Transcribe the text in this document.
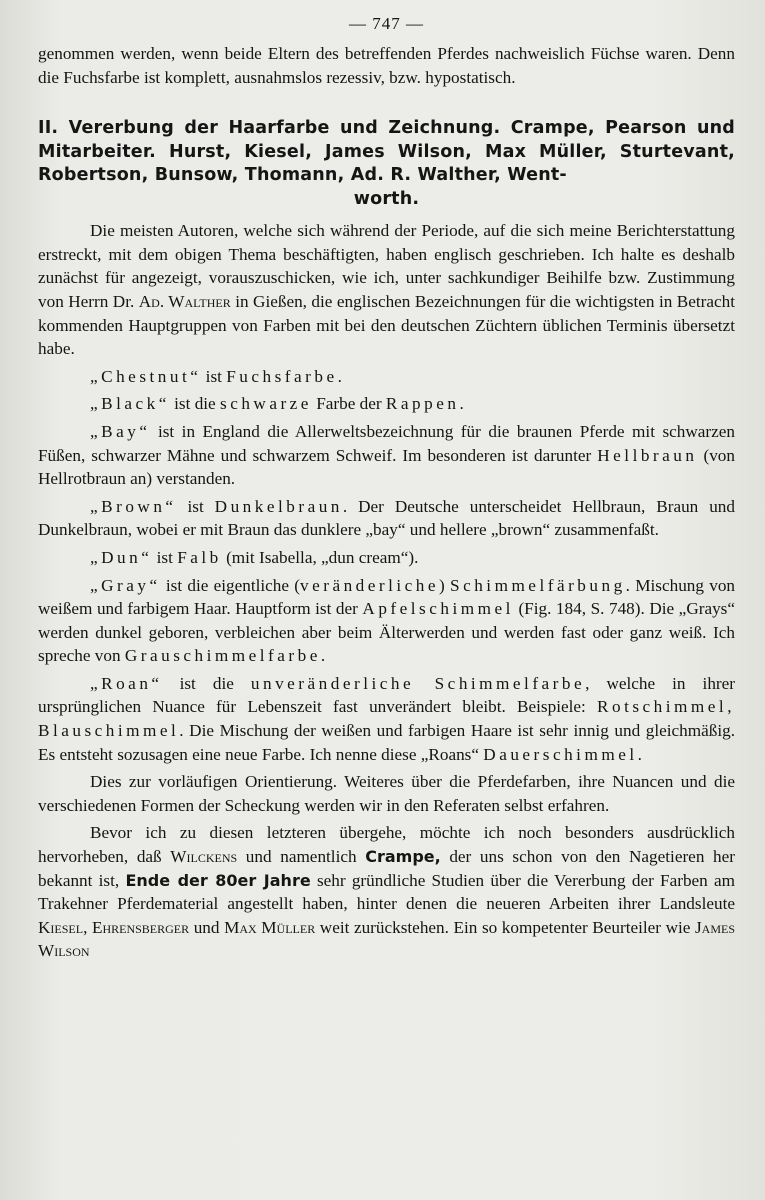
— 747 —

genommen werden, wenn beide Eltern des betreffenden Pferdes nachweislich Füchse waren. Denn die Fuchsfarbe ist komplett, ausnahmslos rezessiv, bzw. hypostatisch.

II. Vererbung der Haarfarbe und Zeichnung. Crampe, Pearson und Mitarbeiter. Hurst, Kiesel, James Wilson, Max Müller, Sturtevant, Robertson, Bunsow, Thomann, Ad. R. Walther, Went-
worth.

Die meisten Autoren, welche sich während der Periode, auf die sich meine Berichterstattung erstreckt, mit dem obigen Thema beschäftigten, haben englisch geschrieben. Ich halte es deshalb zunächst für angezeigt, vorauszuschicken, wie ich, unter sachkundiger Beihilfe bzw. Zustimmung von Herrn Dr. Ad. Walther in Gießen, die englischen Bezeichnungen für die wichtigsten in Betracht kommenden Hauptgruppen von Farben mit bei den deutschen Züchtern üblichen Terminis übersetzt habe.

„Chestnut“ ist Fuchsfarbe.

„Black“ ist die schwarze Farbe der Rappen.

„Bay“ ist in England die Allerweltsbezeichnung für die braunen Pferde mit schwarzen Füßen, schwarzer Mähne und schwarzem Schweif. Im besonderen ist darunter Hellbraun (von Hellrotbraun an) verstanden.

„Brown“ ist Dunkelbraun. Der Deutsche unterscheidet Hellbraun, Braun und Dunkelbraun, wobei er mit Braun das dunklere „bay“ und hellere „brown“ zusammenfaßt.

„Dun“ ist Falb (mit Isabella, „dun cream“).

„Gray“ ist die eigentliche (veränderliche) Schimmelfärbung. Mischung von weißem und farbigem Haar. Hauptform ist der Apfelschimmel (Fig. 184, S. 748). Die „Grays“ werden dunkel geboren, verbleichen aber beim Älterwerden und werden fast oder ganz weiß. Ich spreche von Grauschimmelfarbe.

„Roan“ ist die unveränderliche Schimmelfarbe, welche in ihrer ursprünglichen Nuance für Lebenszeit fast unverändert bleibt. Beispiele: Rotschimmel, Blauschimmel. Die Mischung der weißen und farbigen Haare ist sehr innig und gleichmäßig. Es entsteht sozusagen eine neue Farbe. Ich nenne diese „Roans“ Dauerschimmel.

Dies zur vorläufigen Orientierung. Weiteres über die Pferdefarben, ihre Nuancen und die verschiedenen Formen der Scheckung werden wir in den Referaten selbst erfahren.

Bevor ich zu diesen letzteren übergehe, möchte ich noch besonders ausdrücklich hervorheben, daß Wilckens und namentlich Crampe, der uns schon von den Nagetieren her bekannt ist, Ende der 80er Jahre sehr gründliche Studien über die Vererbung der Farben am Trakehner Pferdematerial angestellt haben, hinter denen die neueren Arbeiten ihrer Landsleute Kiesel, Ehrensberger und Max Müller weit zurückstehen. Ein so kompetenter Beurteiler wie James Wilson
